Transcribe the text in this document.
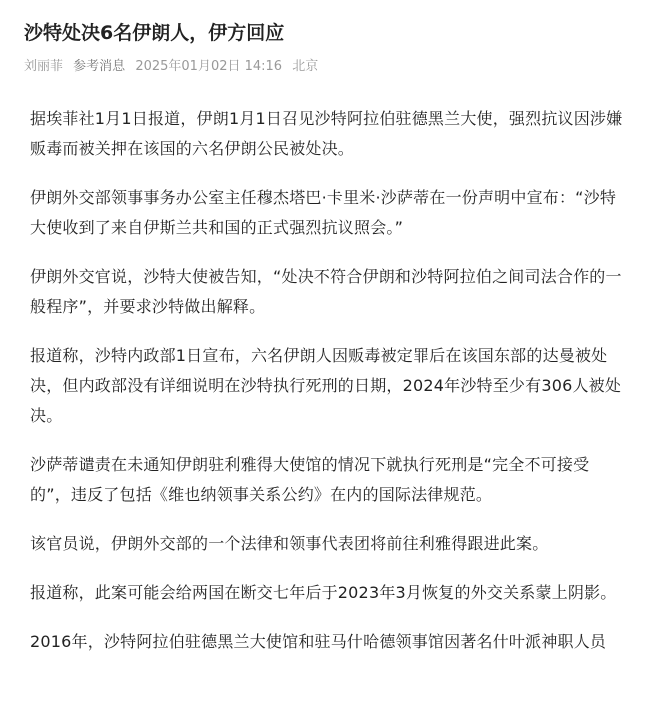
沙特处决6名伊朗人，伊方回应
刘丽菲 参考消息 2025年01月02日 14:16 北京

据埃菲社1月1日报道，伊朗1月1日召见沙特阿拉伯驻德黑兰大使，强烈抗议因涉嫌贩毒而被关押在该国的六名伊朗公民被处决。

伊朗外交部领事事务办公室主任穆杰塔巴·卡里米·沙萨蒂在一份声明中宣布：“沙特大使收到了来自伊斯兰共和国的正式强烈抗议照会。”

伊朗外交官说，沙特大使被告知，“处决不符合伊朗和沙特阿拉伯之间司法合作的一般程序”，并要求沙特做出解释。

报道称，沙特内政部1日宣布，六名伊朗人因贩毒被定罪后在该国东部的达曼被处决，但内政部没有详细说明在沙特执行死刑的日期，2024年沙特至少有306人被处决。

沙萨蒂谴责在未通知伊朗驻利雅得大使馆的情况下就执行死刑是“完全不可接受的”，违反了包括《维也纳领事关系公约》在内的国际法律规范。

该官员说，伊朗外交部的一个法律和领事代表团将前往利雅得跟进此案。

报道称，此案可能会给两国在断交七年后于2023年3月恢复的外交关系蒙上阴影。

2016年，沙特阿拉伯驻德黑兰大使馆和驻马什哈德领事馆因著名什叶派神职人员
